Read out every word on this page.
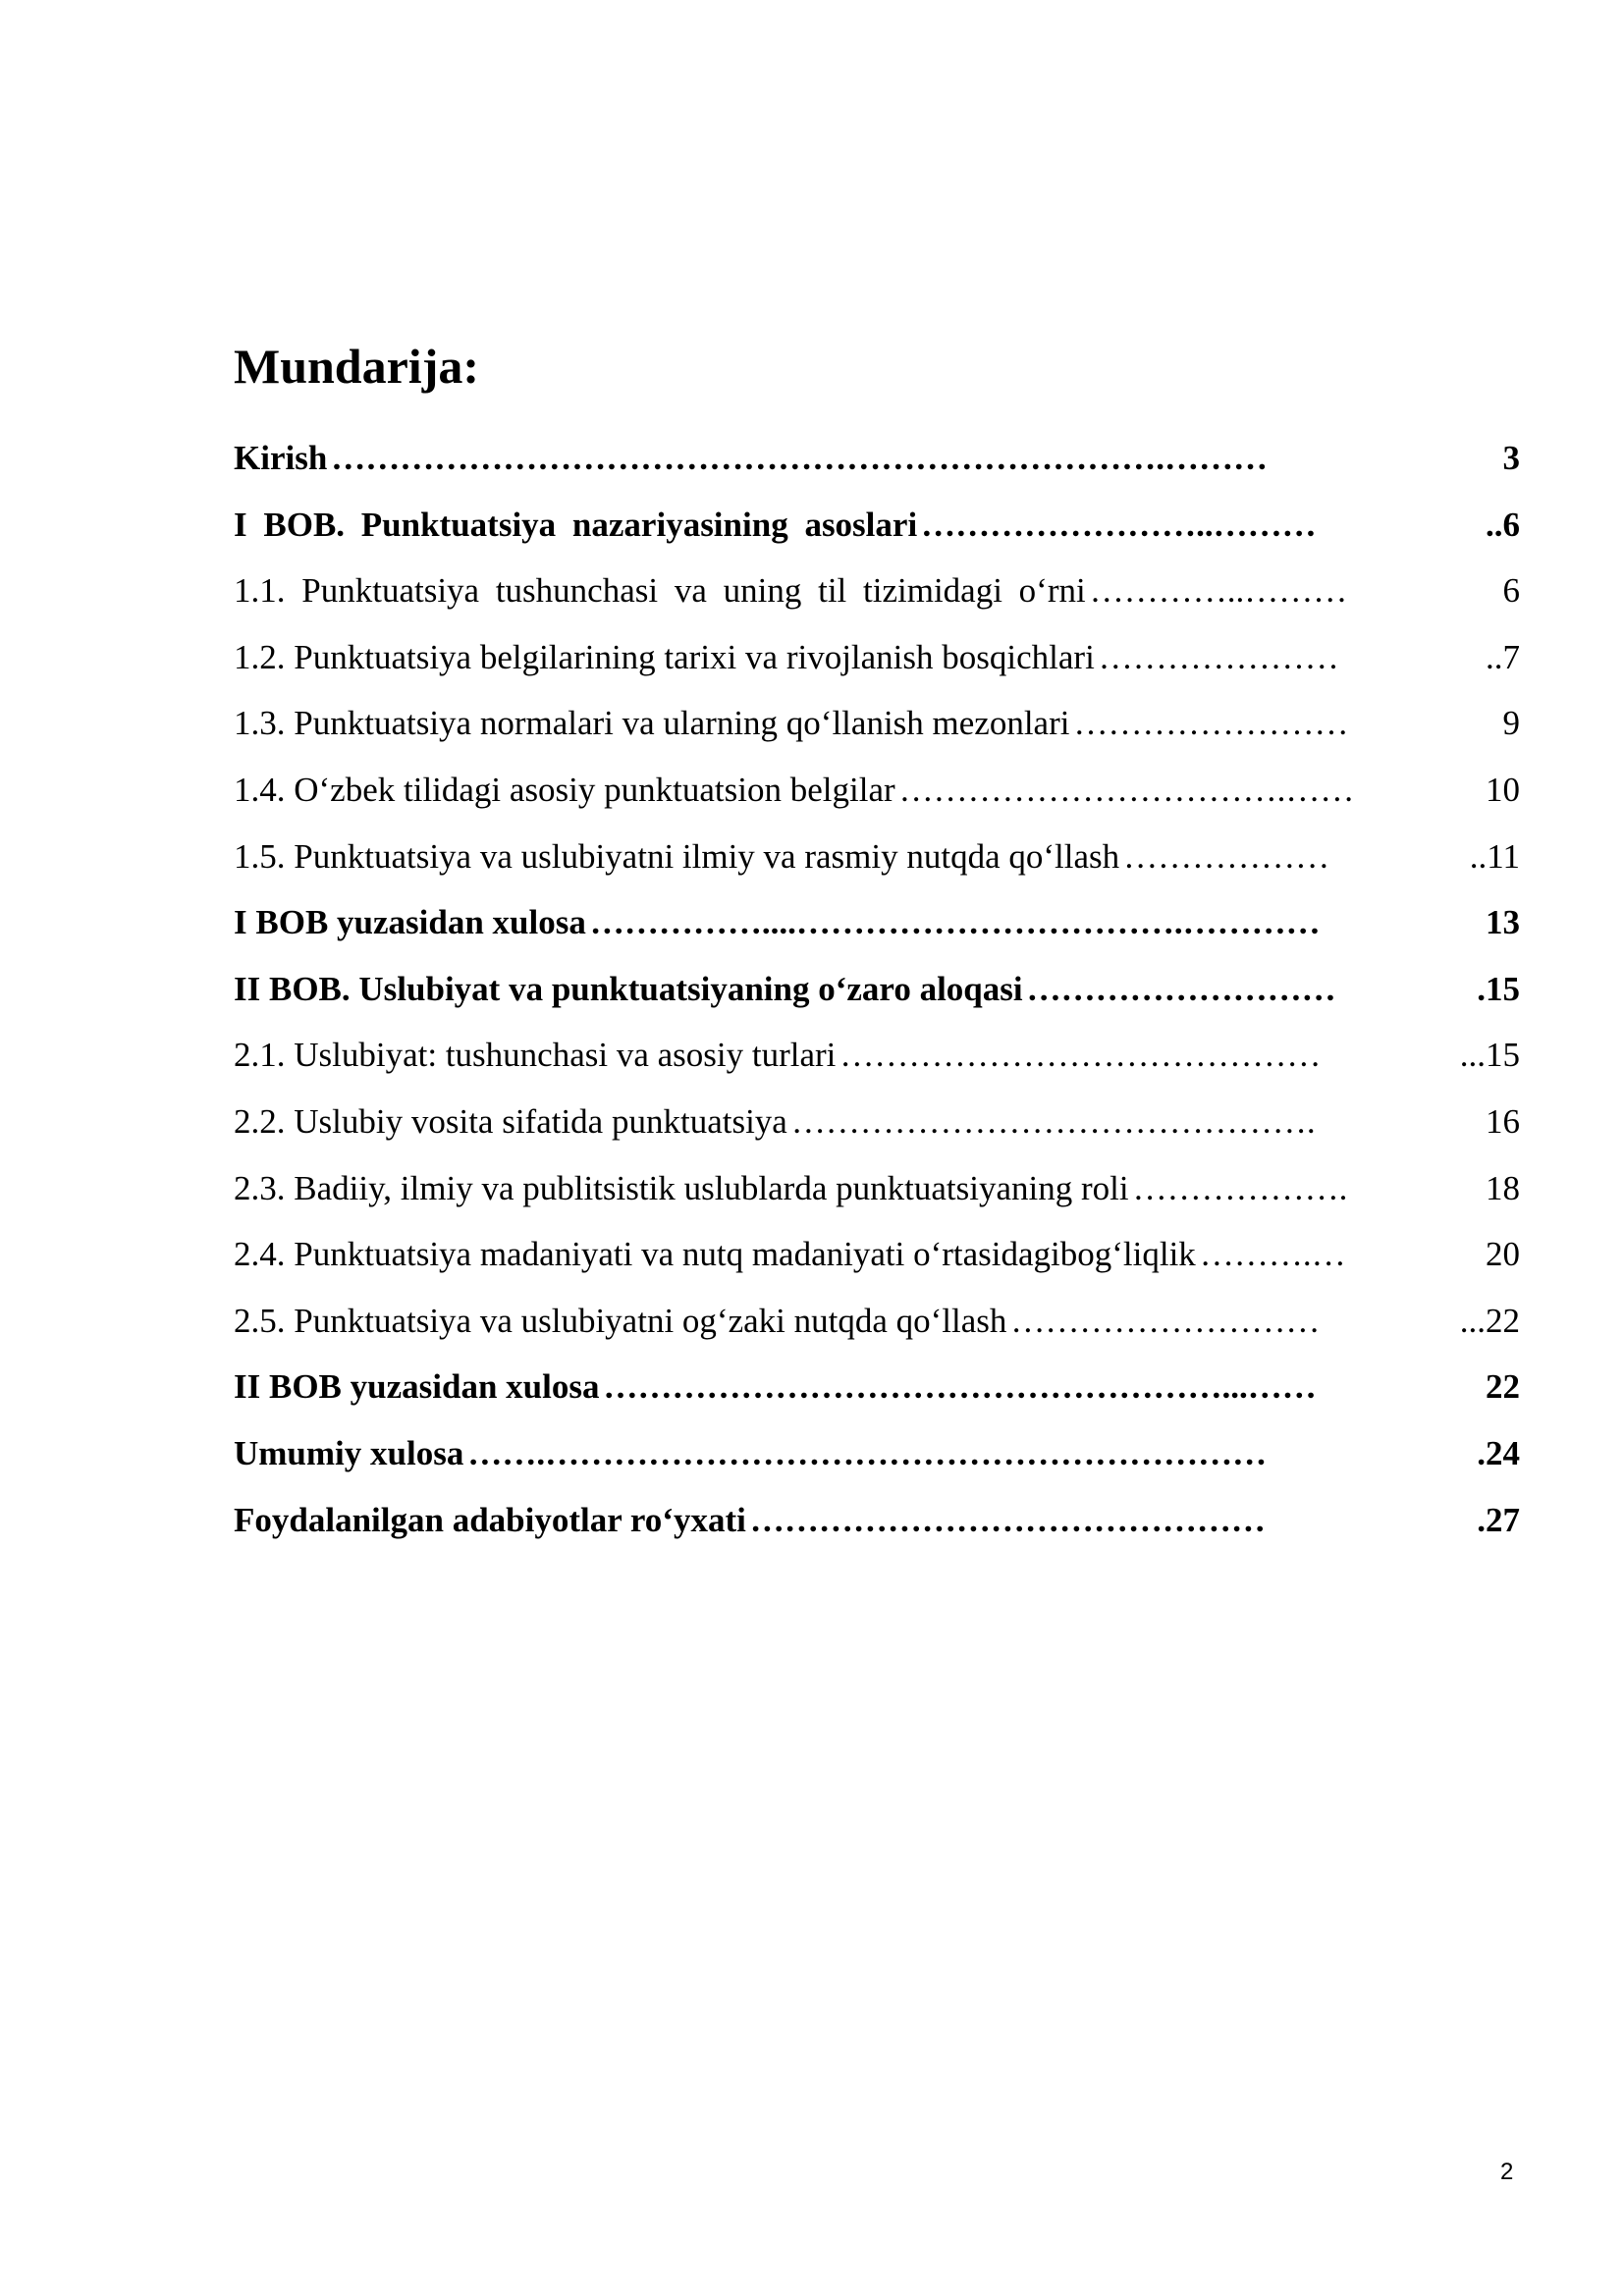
Mundarija:
Kirish ……………………………………………………………….………	3
I BOB. Punktuatsiya nazariyasining asoslari ……………………..………	..6
1.1. Punktuatsiya tushunchasi va uning til tizimidagi o‘rni …………..………	6
1.2. Punktuatsiya belgilarining tarixi va rivojlanish bosqichlari …………………	..7
1.3. Punktuatsiya normalari va ularning qo‘llanish mezonlari ……………………	9
1.4. O‘zbek tilidagi asosiy punktuatsion belgilar …………………………….……	10
1.5. Punktuatsiya va uslubiyatni ilmiy va rasmiy nutqda qo‘llash ………………	..11
I BOB yuzasidan xulosa ……………....…………………………….…………	13
II BOB. Uslubiyat va punktuatsiyaning o‘zaro aloqasi ………………………	.15
2.1. Uslubiyat: tushunchasi va asosiy turlari ……………………………………	...15
2.2. Uslubiy vosita sifatida punktuatsiya ……………………………………….	16
2.3. Badiiy, ilmiy va publitsistik uslublarda punktuatsiyaning roli ……………….	18
2.4. Punktuatsiya madaniyati va nutq madaniyati o‘rtasidagibog‘liqlik ……….…	20
2.5. Punktuatsiya va uslubiyatni og‘zaki nutqda qo‘llash ………………………	...22
II BOB yuzasidan xulosa ………………………………………………...……	22
Umumiy xulosa …….………………………………………………………	.24
Foydalanilgan adabiyotlar ro‘yxati ………………………………………	.27
2
